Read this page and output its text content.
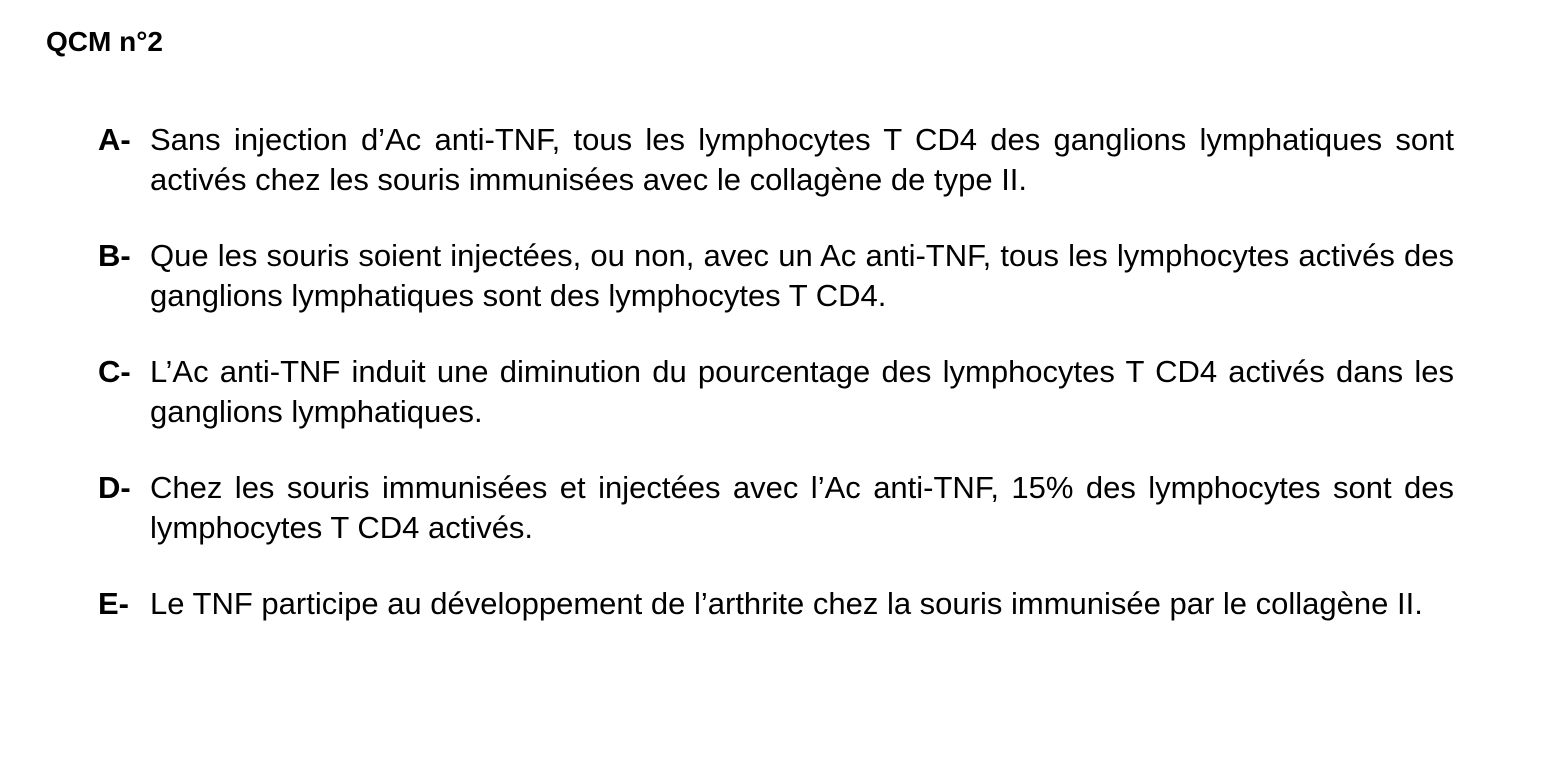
QCM n°2
A- Sans injection d’Ac anti-TNF, tous les lymphocytes T CD4 des ganglions lymphatiques sont activés chez les souris immunisées avec le collagène de type II.
B- Que les souris soient injectées, ou non, avec un Ac anti-TNF, tous les lymphocytes activés des ganglions lymphatiques sont des lymphocytes T CD4.
C- L’Ac anti-TNF induit une diminution du pourcentage des lymphocytes T CD4 activés dans les ganglions lymphatiques.
D- Chez les souris immunisées et injectées avec l’Ac anti-TNF, 15% des lymphocytes sont des lymphocytes T CD4 activés.
E- Le TNF participe au développement de l’arthrite chez la souris immunisée par le collagène II.
